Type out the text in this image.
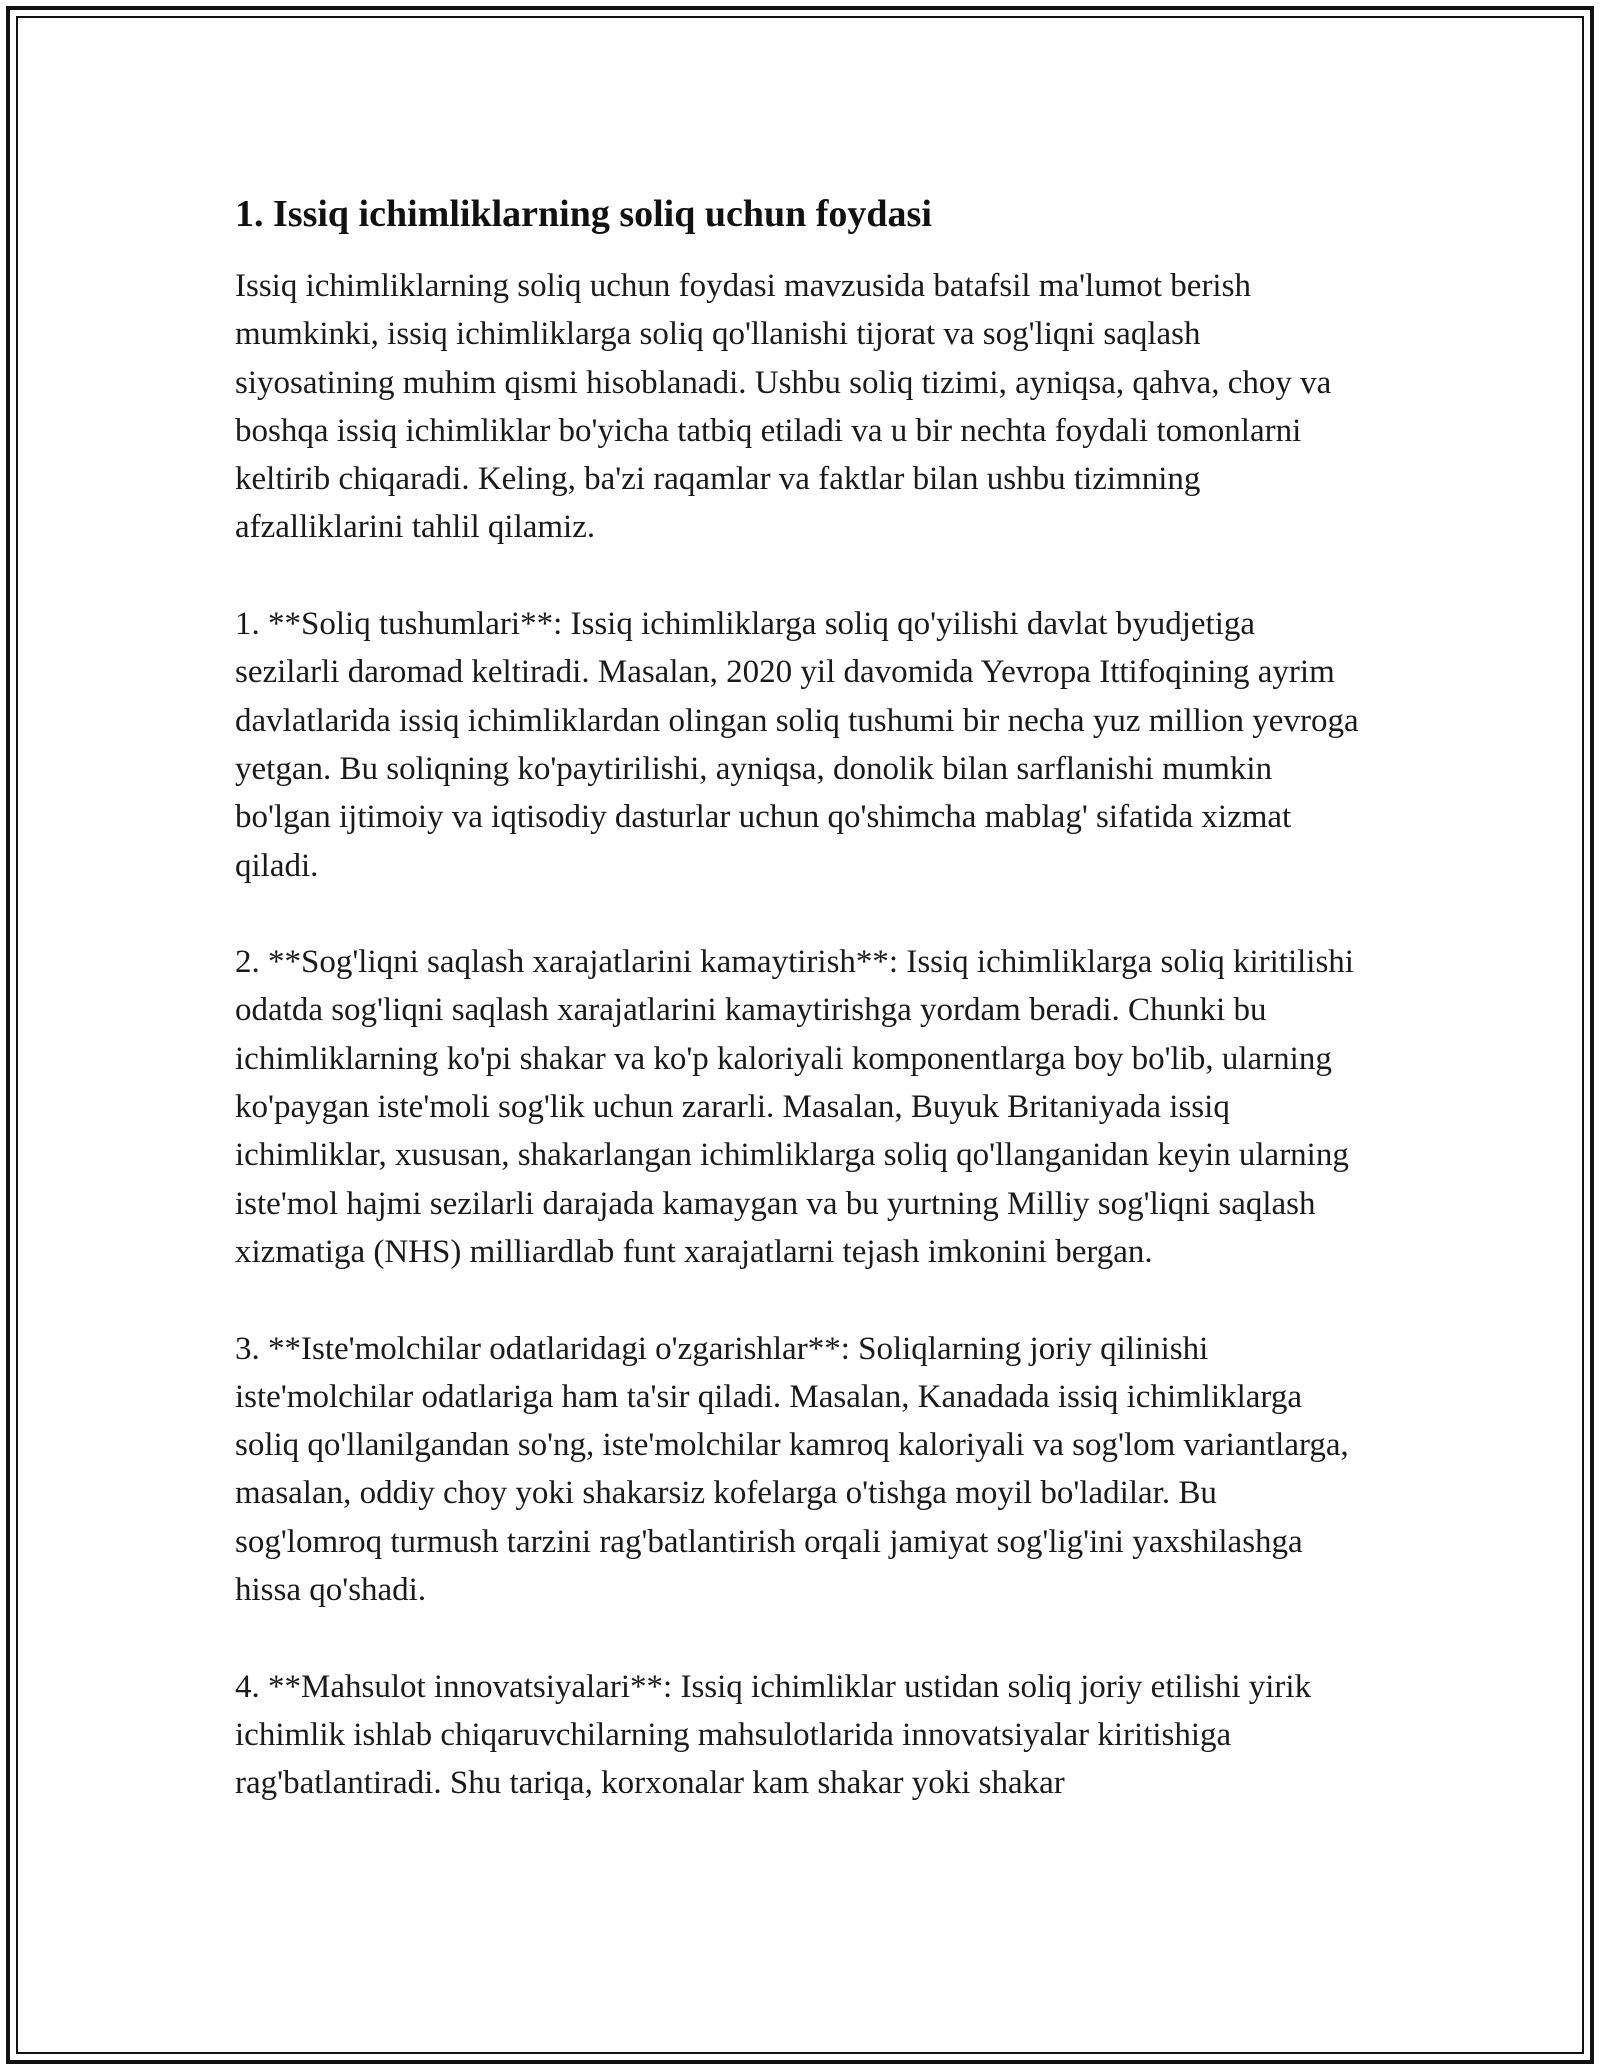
1. Issiq ichimliklarning soliq uchun foydasi

Issiq ichimliklarning soliq uchun foydasi mavzusida batafsil ma'lumot berish mumkinki, issiq ichimliklarga soliq qo'llanishi tijorat va sog'liqni saqlash siyosatining muhim qismi hisoblanadi. Ushbu soliq tizimi, ayniqsa, qahva, choy va boshqa issiq ichimliklar bo'yicha tatbiq etiladi va u bir nechta foydali tomonlarni keltirib chiqaradi. Keling, ba'zi raqamlar va faktlar bilan ushbu tizimning afzalliklarini tahlil qilamiz.

1. **Soliq tushumlari**: Issiq ichimliklarga soliq qo'yilishi davlat byudjetiga sezilarli daromad keltiradi. Masalan, 2020 yil davomida Yevropa Ittifoqining ayrim davlatlarida issiq ichimliklardan olingan soliq tushumi bir necha yuz million yevroga yetgan. Bu soliqning ko'paytirilishi, ayniqsa, donolik bilan sarflanishi mumkin bo'lgan ijtimoiy va iqtisodiy dasturlar uchun qo'shimcha mablag' sifatida xizmat qiladi.

2. **Sog'liqni saqlash xarajatlarini kamaytirish**: Issiq ichimliklarga soliq kiritilishi odatda sog'liqni saqlash xarajatlarini kamaytirishga yordam beradi. Chunki bu ichimliklarning ko'pi shakar va ko'p kaloriyali komponentlarga boy bo'lib, ularning ko'paygan iste'moli sog'lik uchun zararli. Masalan, Buyuk Britaniyada issiq ichimliklar, xususan, shakarlangan ichimliklarga soliq qo'llanganidan keyin ularning iste'mol hajmi sezilarli darajada kamaygan va bu yurtning Milliy sog'liqni saqlash xizmatiga (NHS) milliardlab funt xarajatlarni tejash imkonini bergan.

3. **Iste'molchilar odatlaridagi o'zgarishlar**: Soliqlarning joriy qilinishi iste'molchilar odatlariga ham ta'sir qiladi. Masalan, Kanadada issiq ichimliklarga soliq qo'llanilgandan so'ng, iste'molchilar kamroq kaloriyali va sog'lom variantlarga, masalan, oddiy choy yoki shakarsiz kofelarga o'tishga moyil bo'ladilar. Bu sog'lomroq turmush tarzini rag'batlantirish orqali jamiyat sog'lig'ini yaxshilashga hissa qo'shadi.

4. **Mahsulot innovatsiyalari**: Issiq ichimliklar ustidan soliq joriy etilishi yirik ichimlik ishlab chiqaruvchilarning mahsulotlarida innovatsiyalar kiritishiga rag'batlantiradi. Shu tariqa, korxonalar kam shakar yoki shakar
